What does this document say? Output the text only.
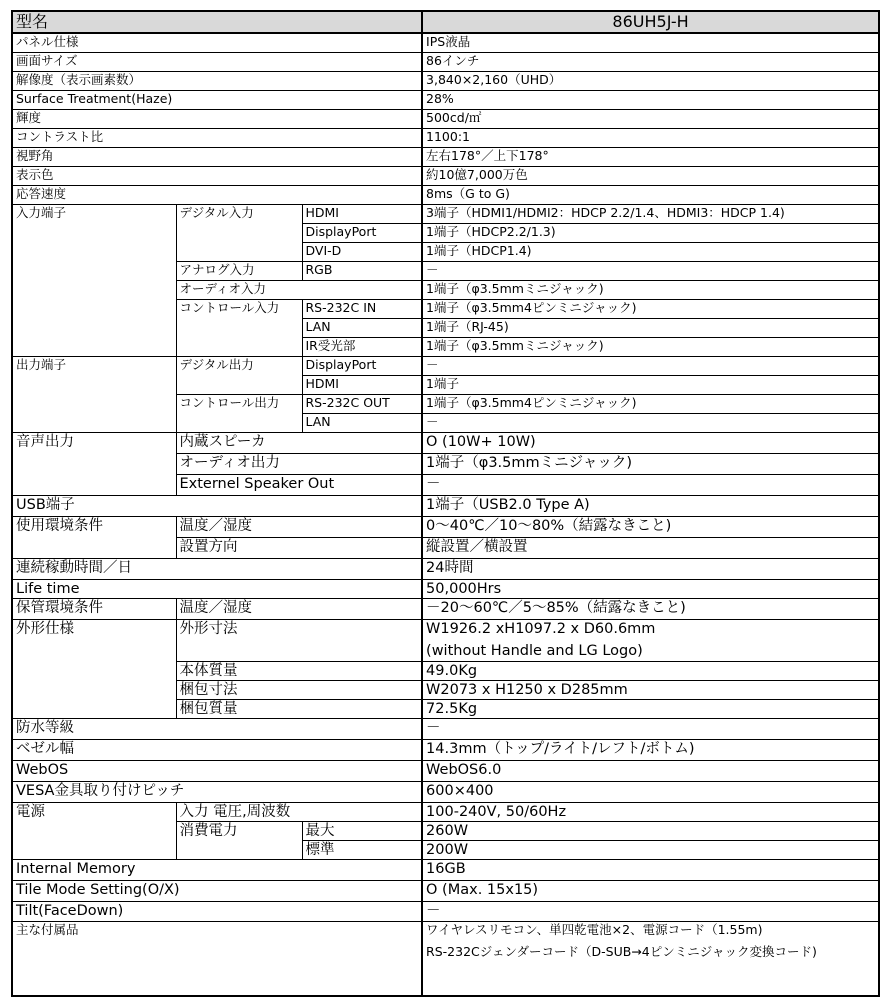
型名			86UH5J-H
パネル仕様			IPS液晶
画面サイズ			86インチ
解像度（表示画素数）			3,840×2,160（UHD）
Surface Treatment(Haze)			28%
輝度			500cd/㎡
コントラスト比			1100:1
視野角			左右178°／上下178°
表示色			約10億7,000万色
応答速度			8ms（G to G)
入力端子	デジタル入力	HDMI	3端子（HDMI1/HDMI2：HDCP 2.2/1.4、HDMI3：HDCP 1.4)
		DisplayPort	1端子（HDCP2.2/1.3)
		DVI-D	1端子（HDCP1.4)
	アナログ入力	RGB	－
	オーディオ入力		1端子（φ3.5mmミニジャック)
	コントロール入力	RS-232C IN	1端子（φ3.5mm4ピンミニジャック)
		LAN	1端子（RJ-45)
		IR受光部	1端子（φ3.5mmミニジャック)
出力端子	デジタル出力	DisplayPort	－
		HDMI	1端子
	コントロール出力	RS-232C OUT	1端子（φ3.5mm4ピンミニジャック)
		LAN	－
音声出力	内蔵スピーカ		O (10W+ 10W)
	オーディオ出力		1端子（φ3.5mmミニジャック)
	Externel Speaker Out		－
USB端子			1端子（USB2.0 Type A)
使用環境条件	温度／湿度		0～40℃／10～80%（結露なきこと)
	設置方向		縦設置／横設置
連続稼動時間／日			24時間
Life time			50,000Hrs
保管環境条件	温度／湿度		－20～60℃／5～85%（結露なきこと)
外形仕様	外形寸法		W1926.2 xH1097.2 x D60.6mm
(without Handle and LG Logo)

	本体質量		49.0Kg
	梱包寸法		W2073 x H1250 x D285mm
	梱包質量		72.5Kg
防水等級			－
ベゼル幅			14.3mm（トップ/ライト/レフト/ボトム)
WebOS			WebOS6.0
VESA金具取り付けピッチ			600×400
電源	入力 電圧,周波数		100-240V, 50/60Hz
	消費電力	最大	260W
		標準	200W
Internal Memory			16GB
Tile Mode Setting(O/X)			O (Max. 15x15)
Tilt(FaceDown)			－
主な付属品			ワイヤレスリモコン、単四乾電池×2、電源コード（1.55m)
RS-232Cジェンダーコード（D-SUB→4ピンミニジャック変換コード)
